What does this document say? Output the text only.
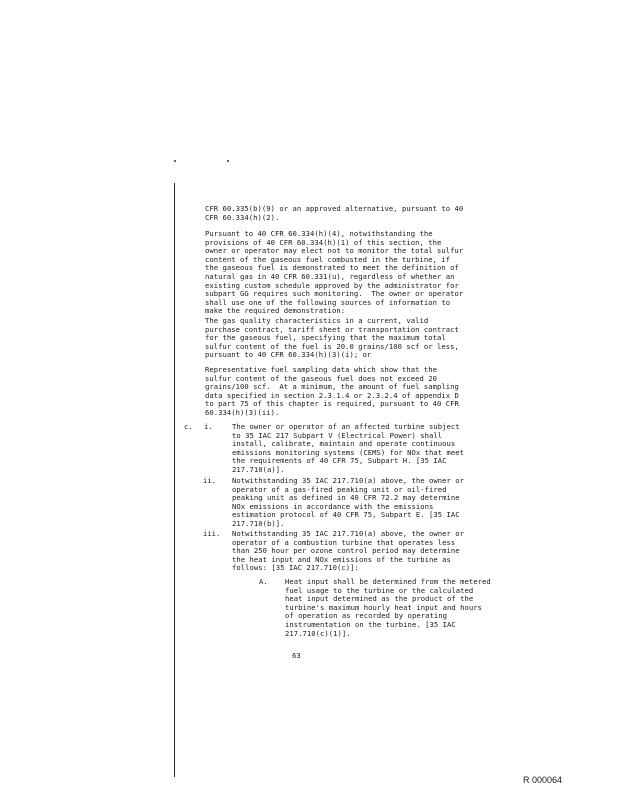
CFR 60.335(b)(9) or an approved alternative, pursuant to 40
CFR 60.334(h)(2).
Pursuant to 40 CFR 60.334(h)(4), notwithstanding the
provisions of 40 CFR 60.334(h)(1) of this section, the
owner or operator may elect not to monitor the total sulfur
content of the gaseous fuel combusted in the turbine, if
the gaseous fuel is demonstrated to meet the definition of
natural gas in 40 CFR 60.331(u), regardless of whether an
existing custom schedule approved by the administrator for
subpart GG requires such monitoring.  The owner or operator
shall use one of the following sources of information to
make the required demonstration:
The gas quality characteristics in a current, valid
purchase contract, tariff sheet or transportation contract
for the gaseous fuel, specifying that the maximum total
sulfur content of the fuel is 20.0 grains/100 scf or less,
pursuant to 40 CFR 60.334(h)(3)(i); or
Representative fuel sampling data which show that the
sulfur content of the gaseous fuel does not exceed 20
grains/100 scf.  At a minimum, the amount of fuel sampling
data specified in section 2.3.1.4 or 2.3.2.4 of appendix D
to part 75 of this chapter is required, pursuant to 40 CFR
60.334(h)(3)(ii).
c. i.	The owner or operator of an affected turbine subject
to 35 IAC 217 Subpart V (Electrical Power) shall
install, calibrate, maintain and operate continuous
emissions monitoring systems (CEMS) for NOx that meet
the requirements of 40 CFR 75, Subpart H. [35 IAC
217.710(a)].
ii. Notwithstanding 35 IAC 217.710(a) above, the owner or
operator of a gas-fired peaking unit or oil-fired
peaking unit as defined in 40 CFR 72.2 may determine
NOx emissions in accordance with the emissions
estimation protocol of 40 CFR 75, Subpart E. [35 IAC
217.710(b)].
iii. Notwithstanding 35 IAC 217.710(a) above, the owner or
operator of a combustion turbine that operates less
than 250 hour per ozone control period may determine
the heat input and NOx emissions of the turbine as
follows: [35 IAC 217.710(c)]:
A. Heat input shall be determined from the metered
fuel usage to the turbine or the calculated
heat input determined as the product of the
turbine's maximum hourly heat input and hours
of operation as recorded by operating
instrumentation on the turbine. [35 IAC
217.710(c)(1)].
63
R 000064
